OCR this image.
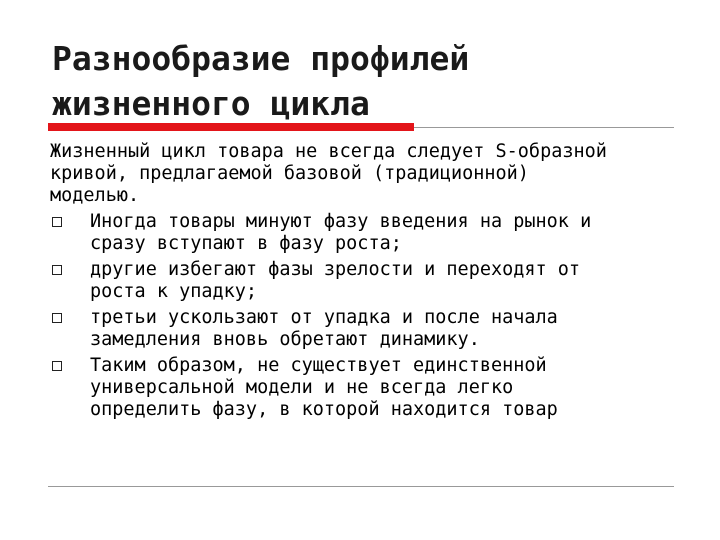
Разнообразие профилей
жизненного цикла

Жизненный цикл товара не всегда следует S-образной
кривой, предлагаемой базовой (традиционной)
моделью.

Иногда товары минуют фазу введения на рынок и
сразу вступают в фазу роста;
другие избегают фазы зрелости и переходят от
роста к упадку;
третьи ускользают от упадка и после начала
замедления вновь обретают динамику.
Таким образом, не существует единственной
универсальной модели и не всегда легко
определить фазу, в которой находится товар
